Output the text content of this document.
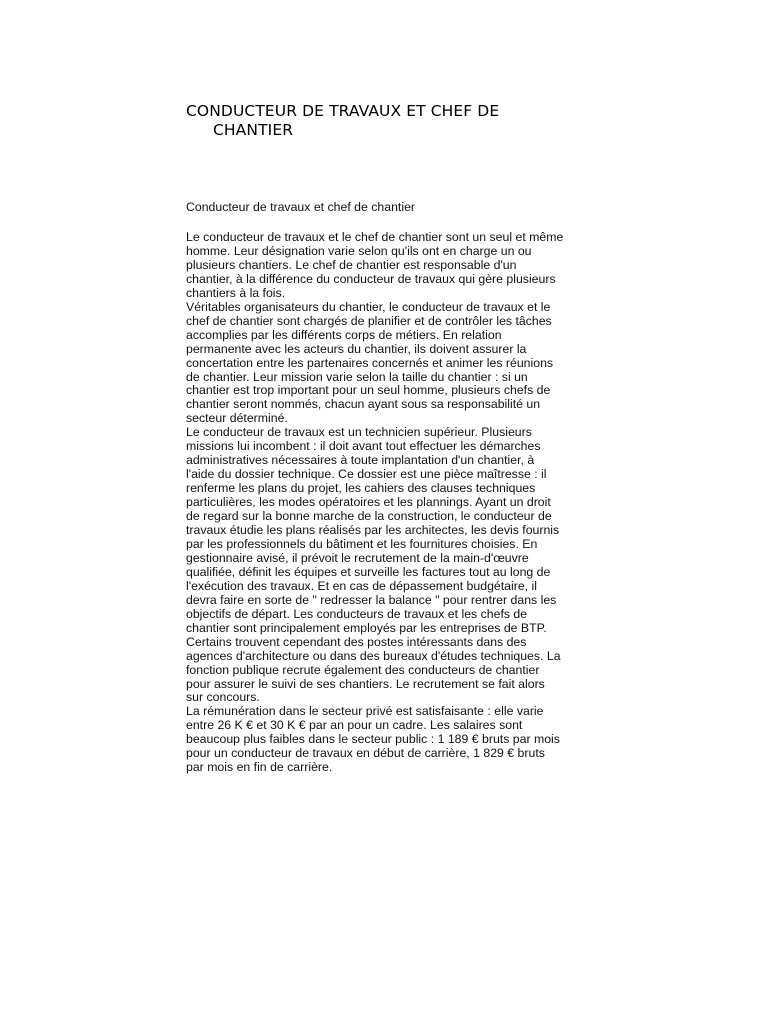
CONDUCTEUR DE TRAVAUX ET CHEF DE
CHANTIER

Conducteur de travaux et chef de chantier

Le conducteur de travaux et le chef de chantier sont un seul et même
homme. Leur désignation varie selon qu'ils ont en charge un ou
plusieurs chantiers. Le chef de chantier est responsable d'un
chantier, à la différence du conducteur de travaux qui gère plusieurs
chantiers à la fois.
Véritables organisateurs du chantier, le conducteur de travaux et le
chef de chantier sont chargés de planifier et de contrôler les tâches
accomplies par les différents corps de métiers. En relation
permanente avec les acteurs du chantier, ils doivent assurer la
concertation entre les partenaires concernés et animer les réunions
de chantier. Leur mission varie selon la taille du chantier : si un
chantier est trop important pour un seul homme, plusieurs chefs de
chantier seront nommés, chacun ayant sous sa responsabilité un
secteur déterminé.
Le conducteur de travaux est un technicien supérieur. Plusieurs
missions lui incombent : il doit avant tout effectuer les démarches
administratives nécessaires à toute implantation d'un chantier, à
l'aide du dossier technique. Ce dossier est une pièce maîtresse : il
renferme les plans du projet, les cahiers des clauses techniques
particulières, les modes opératoires et les plannings. Ayant un droit
de regard sur la bonne marche de la construction, le conducteur de
travaux étudie les plans réalisés par les architectes, les devis fournis
par les professionnels du bâtiment et les fournitures choisies. En
gestionnaire avisé, il prévoit le recrutement de la main-d'œuvre
qualifiée, définit les équipes et surveille les factures tout au long de
l'exécution des travaux. Et en cas de dépassement budgétaire, il
devra faire en sorte de " redresser la balance " pour rentrer dans les
objectifs de départ. Les conducteurs de travaux et les chefs de
chantier sont principalement employés par les entreprises de BTP.
Certains trouvent cependant des postes intéressants dans des
agences d'architecture ou dans des bureaux d'études techniques. La
fonction publique recrute également des conducteurs de chantier
pour assurer le suivi de ses chantiers. Le recrutement se fait alors
sur concours.
La rémunération dans le secteur privé est satisfaisante : elle varie
entre 26 K € et 30 K € par an pour un cadre. Les salaires sont
beaucoup plus faibles dans le secteur public : 1 189 € bruts par mois
pour un conducteur de travaux en début de carrière, 1 829 € bruts
par mois en fin de carrière.
